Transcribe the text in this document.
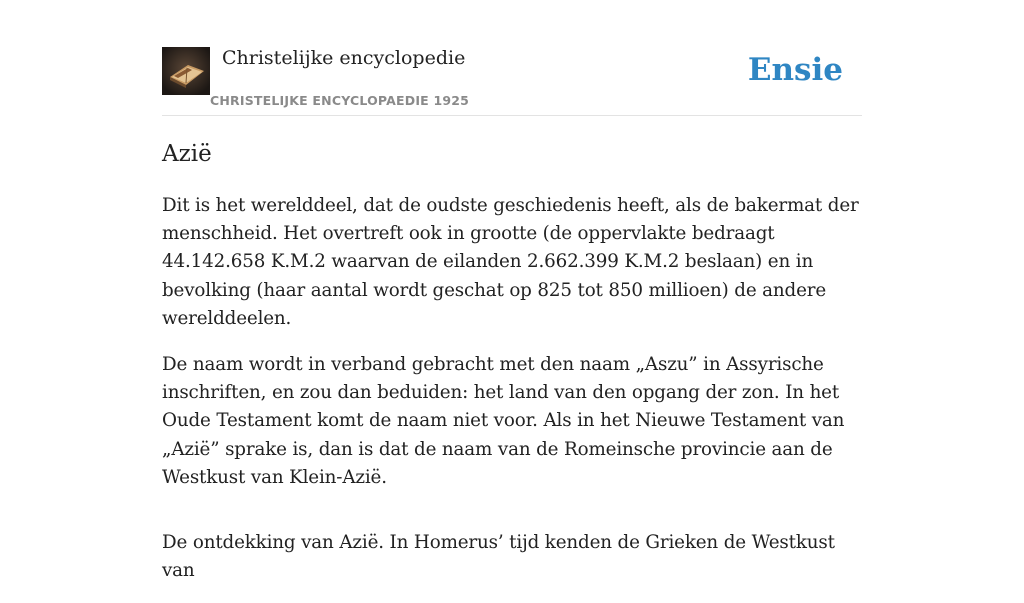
Christelijke encyclopedie
CHRISTELIJKE ENCYCLOPAEDIE 1925
Ensie
Azië

Dit is het werelddeel, dat de oudste geschiedenis heeft, als de bakermat der menschheid. Het overtreft ook in grootte (de oppervlakte bedraagt 44.142.658 K.M.2 waarvan de eilanden 2.662.399 K.M.2 beslaan) en in bevolking (haar aantal wordt geschat op 825 tot 850 millioen) de andere werelddeelen.

De naam wordt in verband gebracht met den naam „Aszu” in Assyrische inschriften, en zou dan beduiden: het land van den opgang der zon. In het Oude Testament komt de naam niet voor. Als in het Nieuwe Testament van „Azië” sprake is, dan is dat de naam van de Romeinsche provincie aan de Westkust van Klein-Azië.

De ontdekking van Azië. In Homerus’ tijd kenden de Grieken de Westkust van
